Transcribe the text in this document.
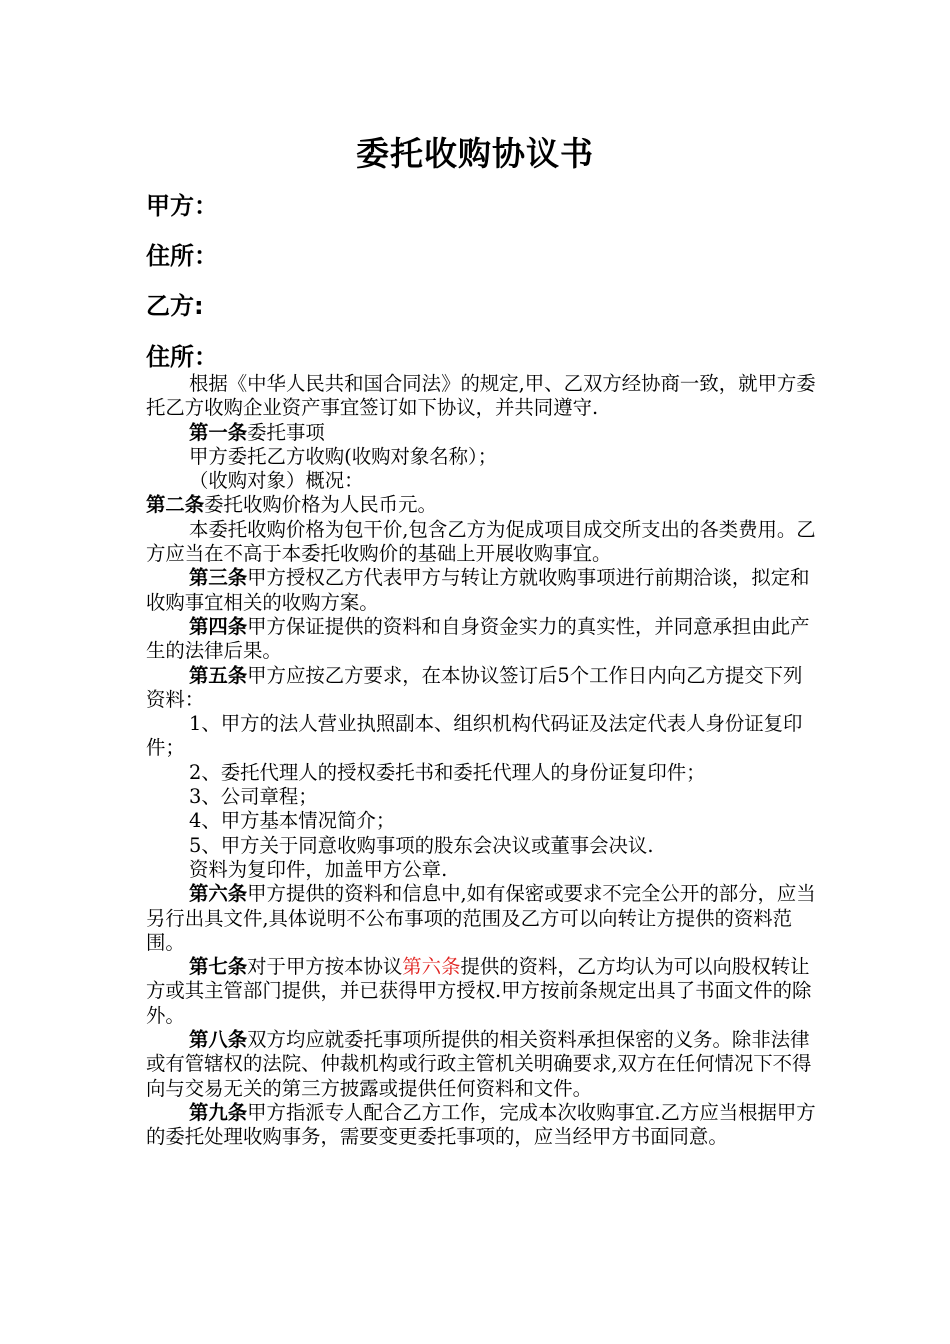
委托收购协议书
甲方：
住所：
乙方:
住所：

根据《中华人民共和国合同法》的规定,甲、乙双方经协商一致，就甲方委托乙方收购企业资产事宜签订如下协议，并共同遵守.

第一条委托事项

甲方委托乙方收购(收购对象名称）；

（收购对象）概况：

第二条委托收购价格为人民币元。

本委托收购价格为包干价,包含乙方为促成项目成交所支出的各类费用。乙方应当在不高于本委托收购价的基础上开展收购事宜。

第三条甲方授权乙方代表甲方与转让方就收购事项进行前期洽谈，拟定和收购事宜相关的收购方案。

第四条甲方保证提供的资料和自身资金实力的真实性，并同意承担由此产生的法律后果。

第五条甲方应按乙方要求，在本协议签订后5个工作日内向乙方提交下列资料：

1、甲方的法人营业执照副本、组织机构代码证及法定代表人身份证复印件；

2、委托代理人的授权委托书和委托代理人的身份证复印件；

3、公司章程；

4、甲方基本情况简介；

5、甲方关于同意收购事项的股东会决议或董事会决议.

资料为复印件，加盖甲方公章.

第六条甲方提供的资料和信息中,如有保密或要求不完全公开的部分，应当另行出具文件,具体说明不公布事项的范围及乙方可以向转让方提供的资料范围。

第七条对于甲方按本协议第六条提供的资料，乙方均认为可以向股权转让方或其主管部门提供，并已获得甲方授权.甲方按前条规定出具了书面文件的除外。

第八条双方均应就委托事项所提供的相关资料承担保密的义务。除非法律或有管辖权的法院、仲裁机构或行政主管机关明确要求,双方在任何情况下不得向与交易无关的第三方披露或提供任何资料和文件。

第九条甲方指派专人配合乙方工作，完成本次收购事宜.乙方应当根据甲方的委托处理收购事务，需要变更委托事项的，应当经甲方书面同意。
